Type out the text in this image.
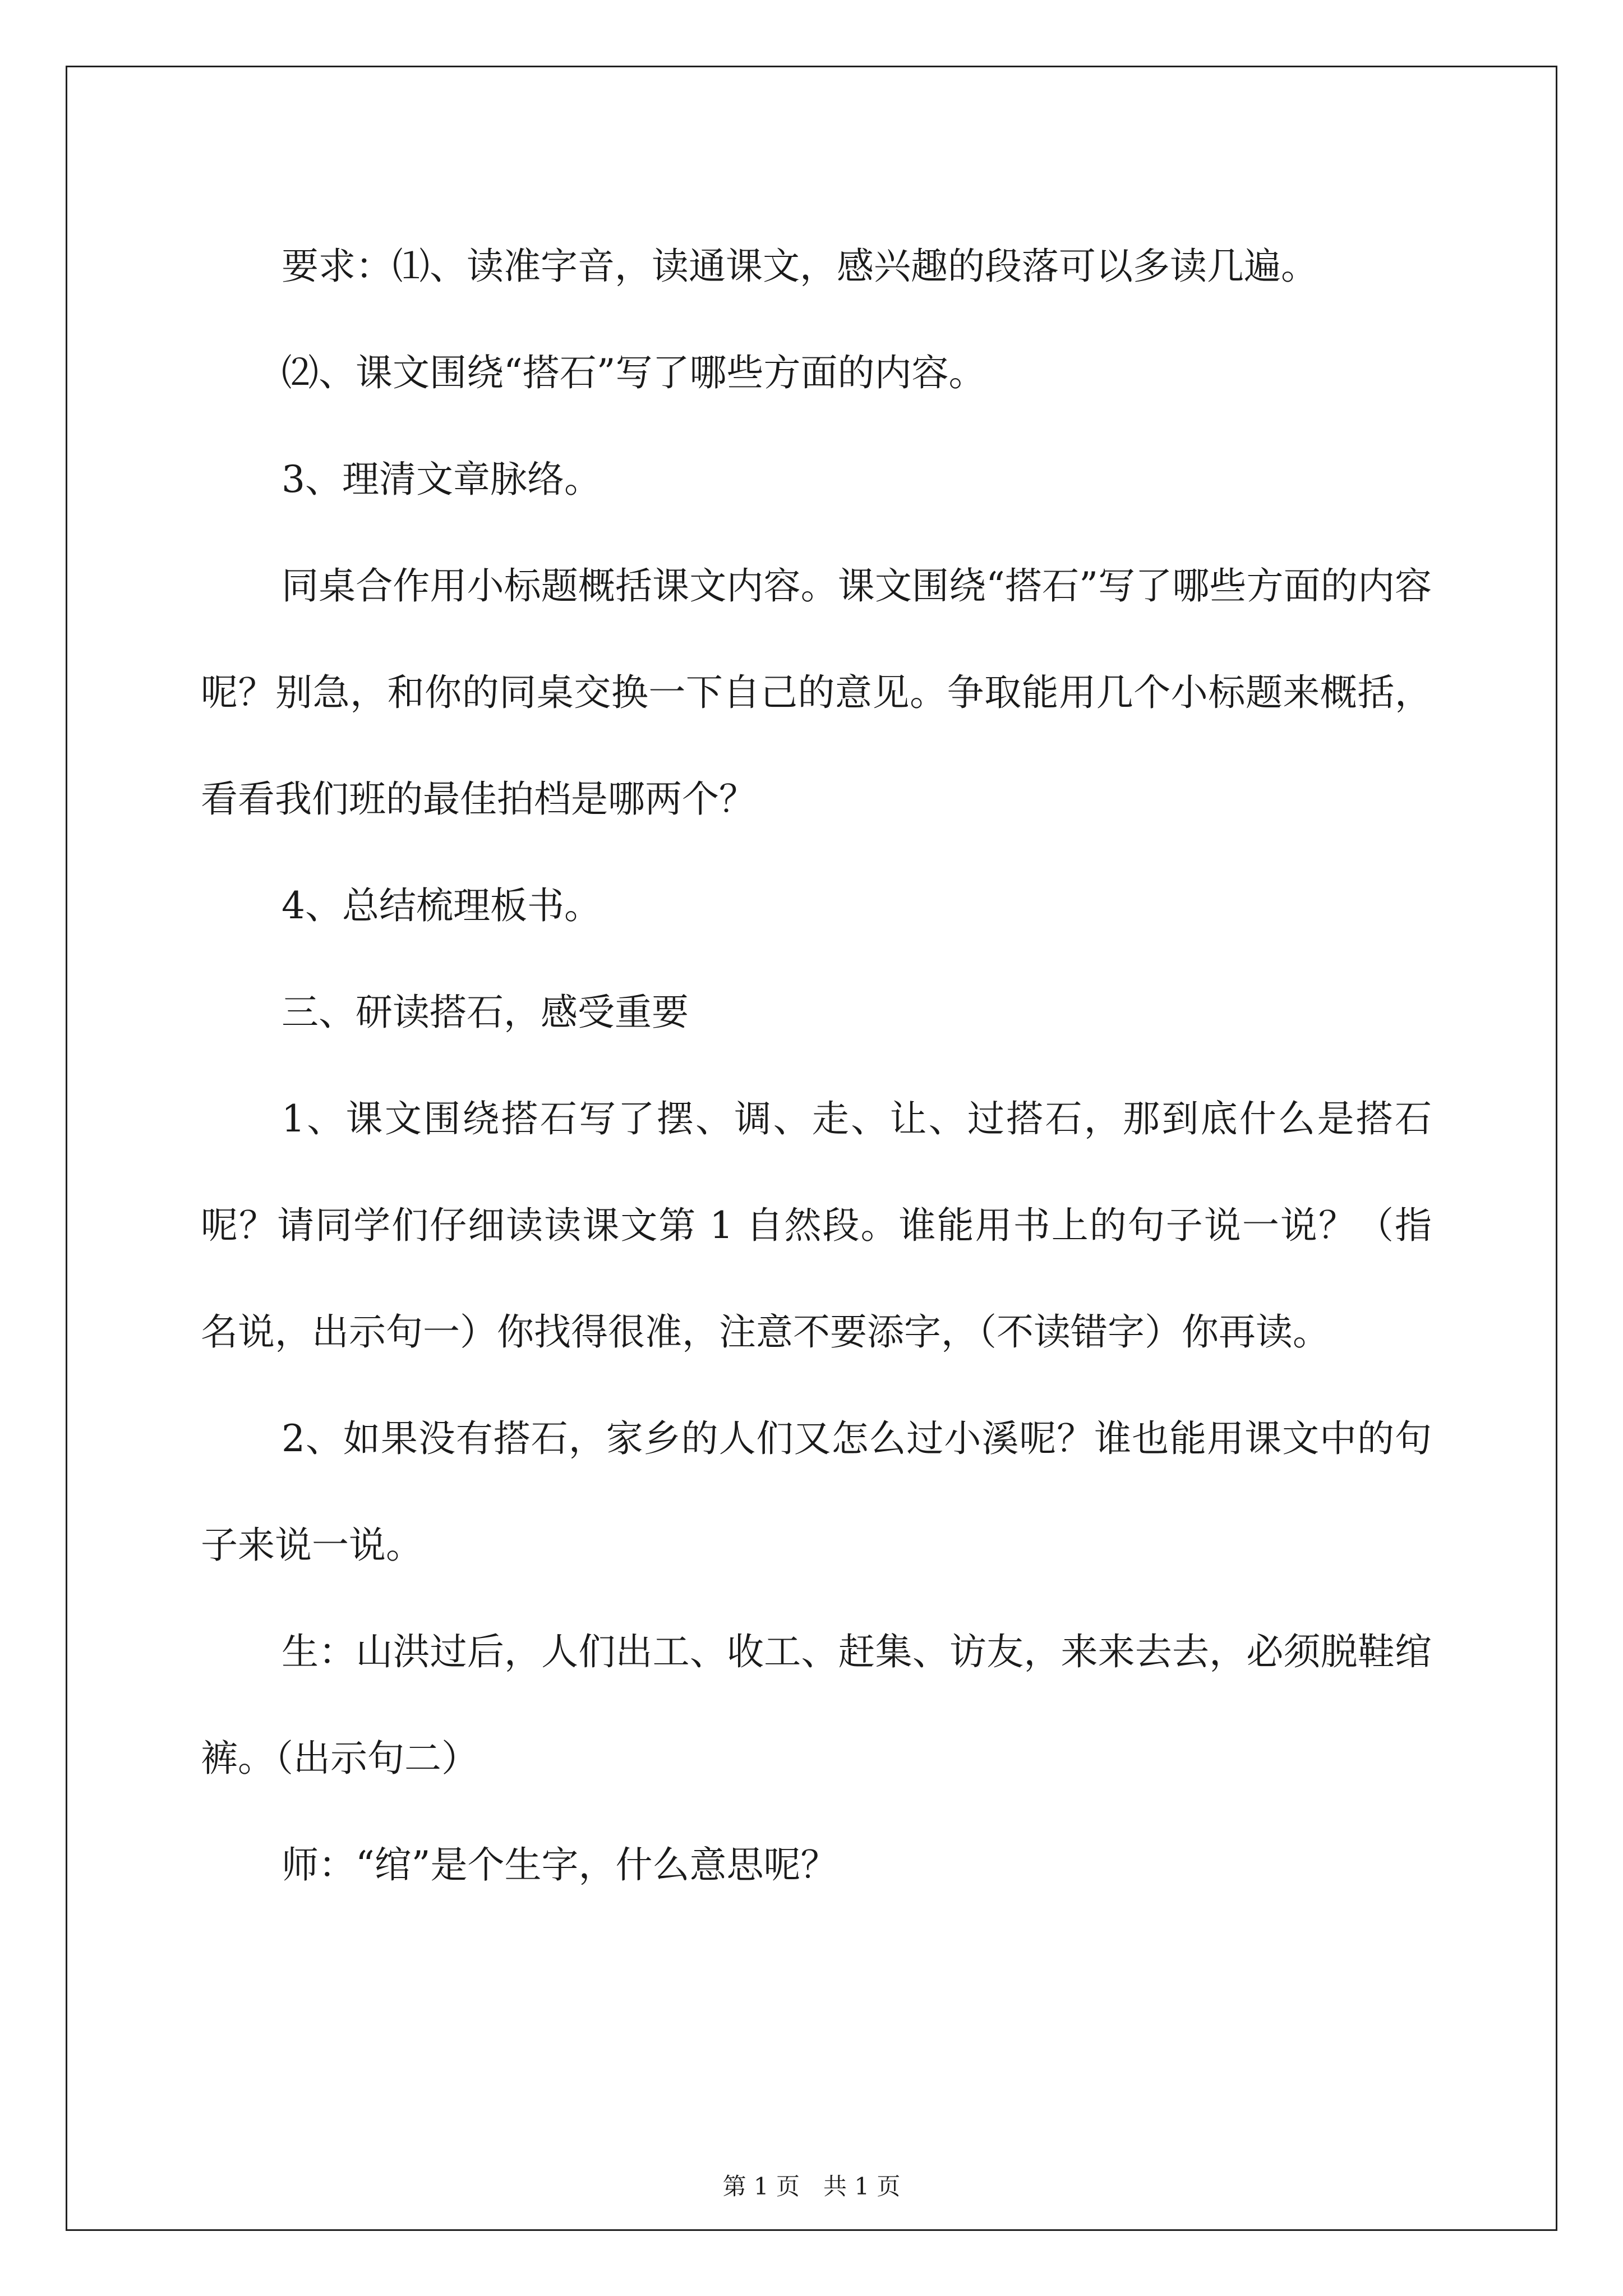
要求：⑴、读准字音，读通课文，感兴趣的段落可以多读几遍。

⑵、课文围绕“搭石”写了哪些方面的内容。

3、理清文章脉络。

同桌合作用小标题概括课文内容。课文围绕“搭石”写了哪些方面的内容呢？别急，和你的同桌交换一下自己的意见。争取能用几个小标题来概括，看看我们班的最佳拍档是哪两个？

4、总结梳理板书。

三、研读搭石，感受重要

1、课文围绕搭石写了摆、调、走、让、过搭石，那到底什么是搭石呢？请同学们仔细读读课文第 1 自然段。谁能用书上的句子说一说？（指名说，出示句一）你找得很准，注意不要添字，（不读错字）你再读。

2、如果没有搭石，家乡的人们又怎么过小溪呢？谁也能用课文中的句子来说一说。

生：山洪过后，人们出工、收工、赶集、访友，来来去去，必须脱鞋绾裤。（出示句二）

师：“绾”是个生字，什么意思呢？

第 1 页　共 1 页
